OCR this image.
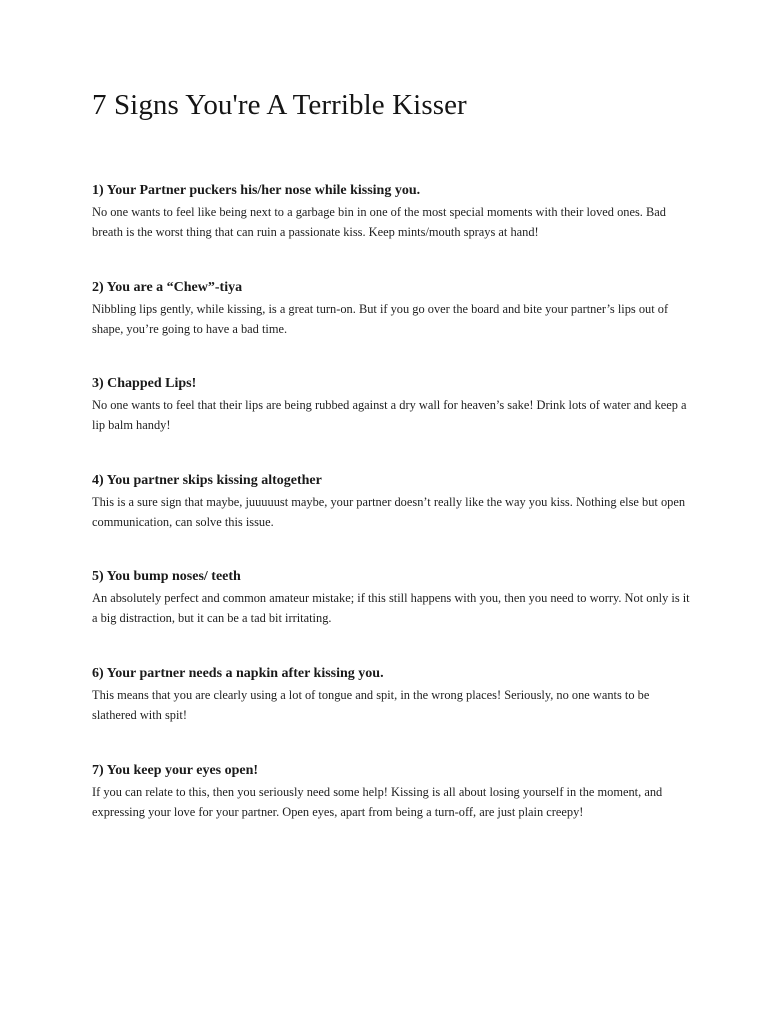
7 Signs You're A Terrible Kisser
1) Your Partner puckers his/her nose while kissing you.

No one wants to feel like being next to a garbage bin in one of the most special moments with their loved ones. Bad breath is the worst thing that can ruin a passionate kiss. Keep mints/mouth sprays at hand!

2) You are a “Chew”-tiya

Nibbling lips gently, while kissing, is a great turn-on. But if you go over the board and bite your partner’s lips out of shape, you’re going to have a bad time.

3) Chapped Lips!

No one wants to feel that their lips are being rubbed against a dry wall for heaven’s sake! Drink lots of water and keep a lip balm handy!

4) You partner skips kissing altogether

This is a sure sign that maybe, juuuuust maybe, your partner doesn’t really like the way you kiss. Nothing else but open communication, can solve this issue.

5) You bump noses/ teeth

An absolutely perfect and common amateur mistake; if this still happens with you, then you need to worry. Not only is it a big distraction, but it can be a tad bit irritating.

6) Your partner needs a napkin after kissing you.

This means that you are clearly using a lot of tongue and spit, in the wrong places! Seriously, no one wants to be slathered with spit!

7) You keep your eyes open!

If you can relate to this, then you seriously need some help! Kissing is all about losing yourself in the moment, and expressing your love for your partner. Open eyes, apart from being a turn-off, are just plain creepy!
